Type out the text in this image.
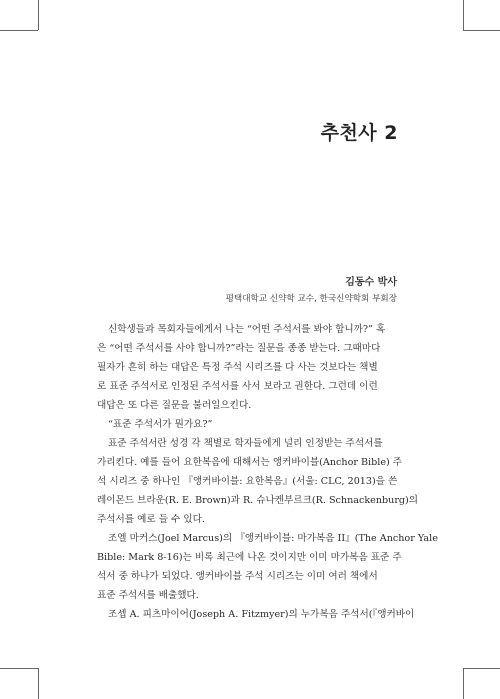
추천사 2
김동수 박사
평택대학교 신약학 교수, 한국신약학회 부회장
신학생들과 목회자들에게서 나는 “어떤 주석서를 봐야 합니까?” 혹
은 “어떤 주석서를 사야 합니까?”라는 질문을 종종 받는다. 그때마다
필자가 흔히 하는 대답은 특정 주석 시리즈를 다 사는 것보다는 책별
로 표준 주석서로 인정된 주석서를 사서 보라고 권한다. 그런데 이런
대답은 또 다른 질문을 불러일으킨다.
“표준 주석서가 뭔가요?”
표준 주석서란 성경 각 책별로 학자들에게 널리 인정받는 주석서를
가리킨다. 예를 들어 요한복음에 대해서는 앵커바이블(Anchor Bible) 주
석 시리즈 중 하나인 『앵커바이블: 요한복음』(서울: CLC, 2013)을 쓴
레이몬드 브라운(R. E. Brown)과 R. 슈나켄부르크(R. Schnackenburg)의
주석서를 예로 들 수 있다.
조엘 마커스(Joel Marcus)의 『앵커바이블: 마가복음 II』(The Anchor Yale
Bible: Mark 8-16)는 비록 최근에 나온 것이지만 이미 마가복음 표준 주
석서 중 하나가 되었다. 앵커바이블 주석 시리즈는 이미 여러 책에서
표준 주석서를 배출했다.
조셉 A. 피츠마이어(Joseph A. Fitzmyer)의 누가복음 주석서(『앵커바이
